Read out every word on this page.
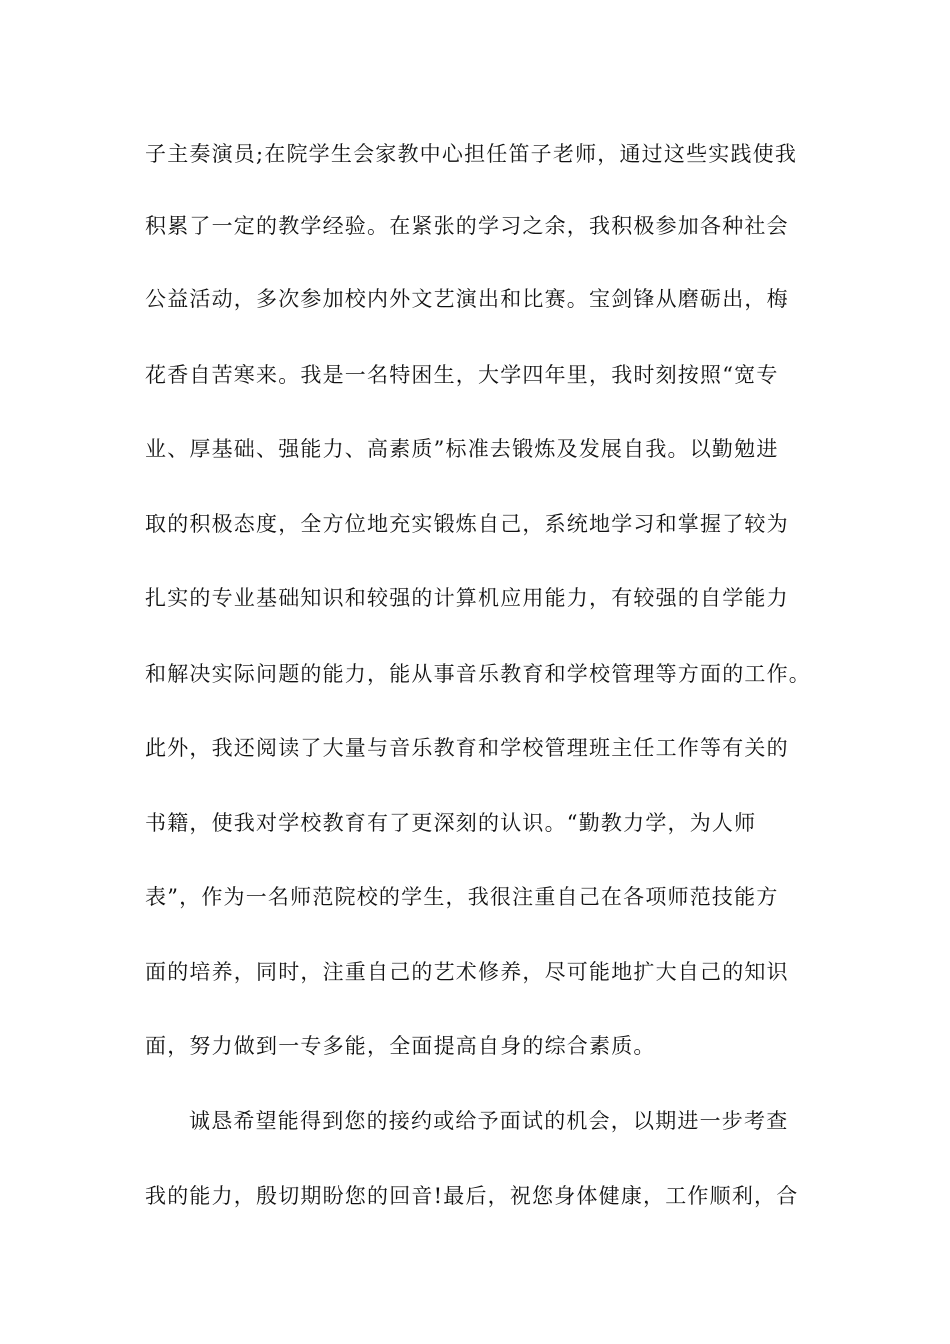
子主奏演员;在院学生会家教中心担任笛子老师，通过这些实践使我
积累了一定的教学经验。在紧张的学习之余，我积极参加各种社会
公益活动，多次参加校内外文艺演出和比赛。宝剑锋从磨砺出，梅
花香自苦寒来。我是一名特困生，大学四年里，我时刻按照“宽专
业、厚基础、强能力、高素质”标准去锻炼及发展自我。以勤勉进
取的积极态度，全方位地充实锻炼自己，系统地学习和掌握了较为
扎实的专业基础知识和较强的计算机应用能力，有较强的自学能力
和解决实际问题的能力，能从事音乐教育和学校管理等方面的工作。
此外，我还阅读了大量与音乐教育和学校管理班主任工作等有关的
书籍，使我对学校教育有了更深刻的认识。“勤教力学，为人师
表”，作为一名师范院校的学生，我很注重自己在各项师范技能方
面的培养，同时，注重自己的艺术修养，尽可能地扩大自己的知识
面，努力做到一专多能，全面提高自身的综合素质。
诚恳希望能得到您的接约或给予面试的机会，以期进一步考查
我的能力，殷切期盼您的回音!最后，祝您身体健康，工作顺利，合
